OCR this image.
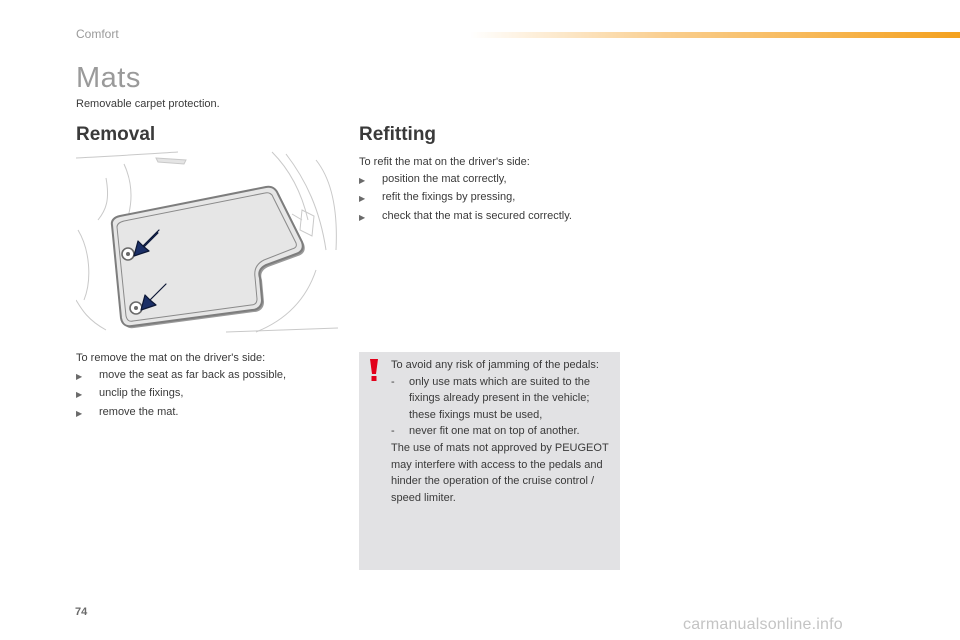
Comfort
Mats
Removable carpet protection.
Removal	Refitting
To refit the mat on the driver's side:
▶	position the mat correctly,
▶	refit the fixings by pressing,
▶	check that the mat is secured correctly.
To remove the mat on the driver's side:
▶	move the seat as far back as possible,
▶	unclip the fixings,
▶	remove the mat.
To avoid any risk of jamming of the pedals:
-	only use mats which are suited to the fixings already present in the vehicle; these fixings must be used,
-	never fit one mat on top of another.
The use of mats not approved by PEUGEOT may interfere with access to the pedals and hinder the operation of the cruise control / speed limiter.
74
carmanualsonline.info
